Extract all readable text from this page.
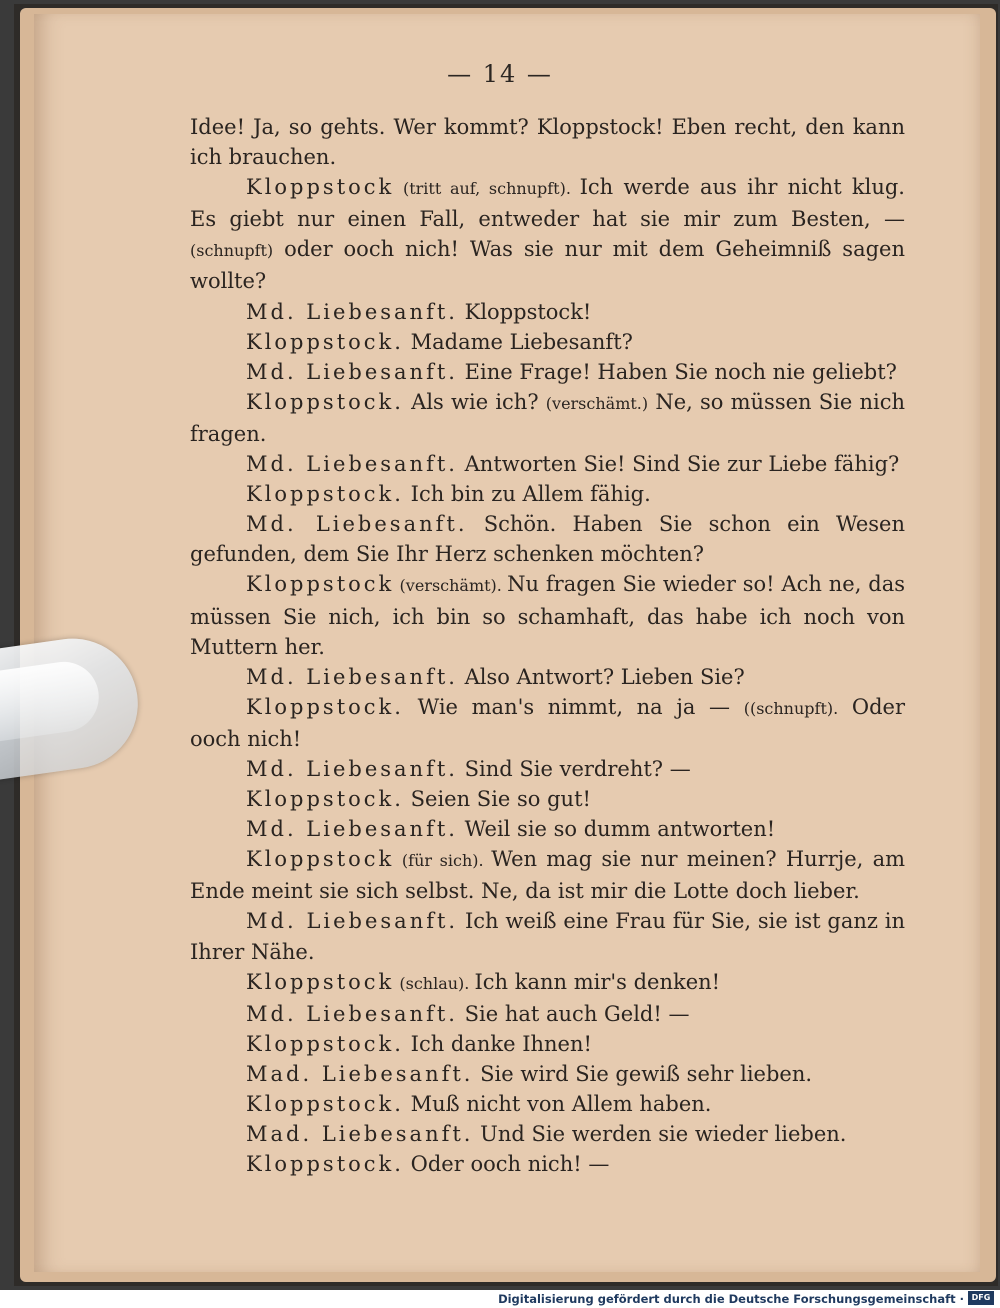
— 14 —
Idee! Ja, so gehts. Wer kommt? Kloppstock! Eben recht, den kann ich brauchen.
Kloppstock (tritt auf, schnupft). Ich werde aus ihr nicht klug. Es giebt nur einen Fall, entweder hat sie mir zum Besten, — (schnupft) oder ooch nich! Was sie nur mit dem Geheimniß sagen wollte?
Md. Liebesanft. Kloppstock!
Kloppstock. Madame Liebesanft?
Md. Liebesanft. Eine Frage! Haben Sie noch nie geliebt?
Kloppstock. Als wie ich? (verschämt.) Ne, so müssen Sie nich fragen.
Md. Liebesanft. Antworten Sie! Sind Sie zur Liebe fähig?
Kloppstock. Ich bin zu Allem fähig.
Md. Liebesanft. Schön. Haben Sie schon ein Wesen gefunden, dem Sie Ihr Herz schenken möchten?
Kloppstock (verschämt). Nu fragen Sie wieder so! Ach ne, das müssen Sie nich, ich bin so schamhaft, das habe ich noch von Muttern her.
Md. Liebesanft. Also Antwort? Lieben Sie?
Kloppstock. Wie man's nimmt, na ja — ((schnupft). Oder ooch nich!
Md. Liebesanft. Sind Sie verdreht? —
Kloppstock. Seien Sie so gut!
Md. Liebesanft. Weil sie so dumm antworten!
Kloppstock (für sich). Wen mag sie nur meinen? Hurrje, am Ende meint sie sich selbst. Ne, da ist mir die Lotte doch lieber.
Md. Liebesanft. Ich weiß eine Frau für Sie, sie ist ganz in Ihrer Nähe.
Kloppstock (schlau). Ich kann mir's denken!
Md. Liebesanft. Sie hat auch Geld! —
Kloppstock. Ich danke Ihnen!
Mad. Liebesanft. Sie wird Sie gewiß sehr lieben.
Kloppstock. Muß nicht von Allem haben.
Mad. Liebesanft. Und Sie werden sie wieder lieben.
Kloppstock. Oder ooch nich! —
Digitalisierung gefördert durch die Deutsche Forschungsgemeinschaft · DFG
